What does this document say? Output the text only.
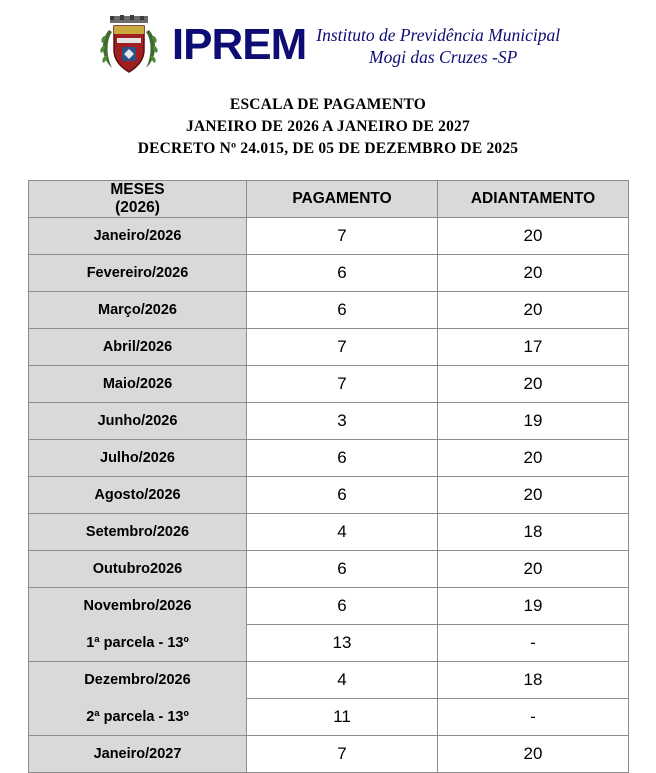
IPREM Instituto de Previdência Municipal
Mogi das Cruzes -SP
ESCALA DE PAGAMENTO
JANEIRO DE 2026 A JANEIRO DE 2027
DECRETO Nº 24.015, DE 05 DE DEZEMBRO DE 2025
MESES
(2026)	PAGAMENTO	ADIANTAMENTO
Janeiro/2026	7	20
Fevereiro/2026	6	20
Março/2026	6	20
Abril/2026	7	17
Maio/2026	7	20
Junho/2026	3	19
Julho/2026	6	20
Agosto/2026	6	20
Setembro/2026	4	18
Outubro2026	6	20
Novembro/2026	6	19
1ª parcela - 13º	13	-
Dezembro/2026	4	18
2ª parcela - 13º	11	-
Janeiro/2027	7	20
